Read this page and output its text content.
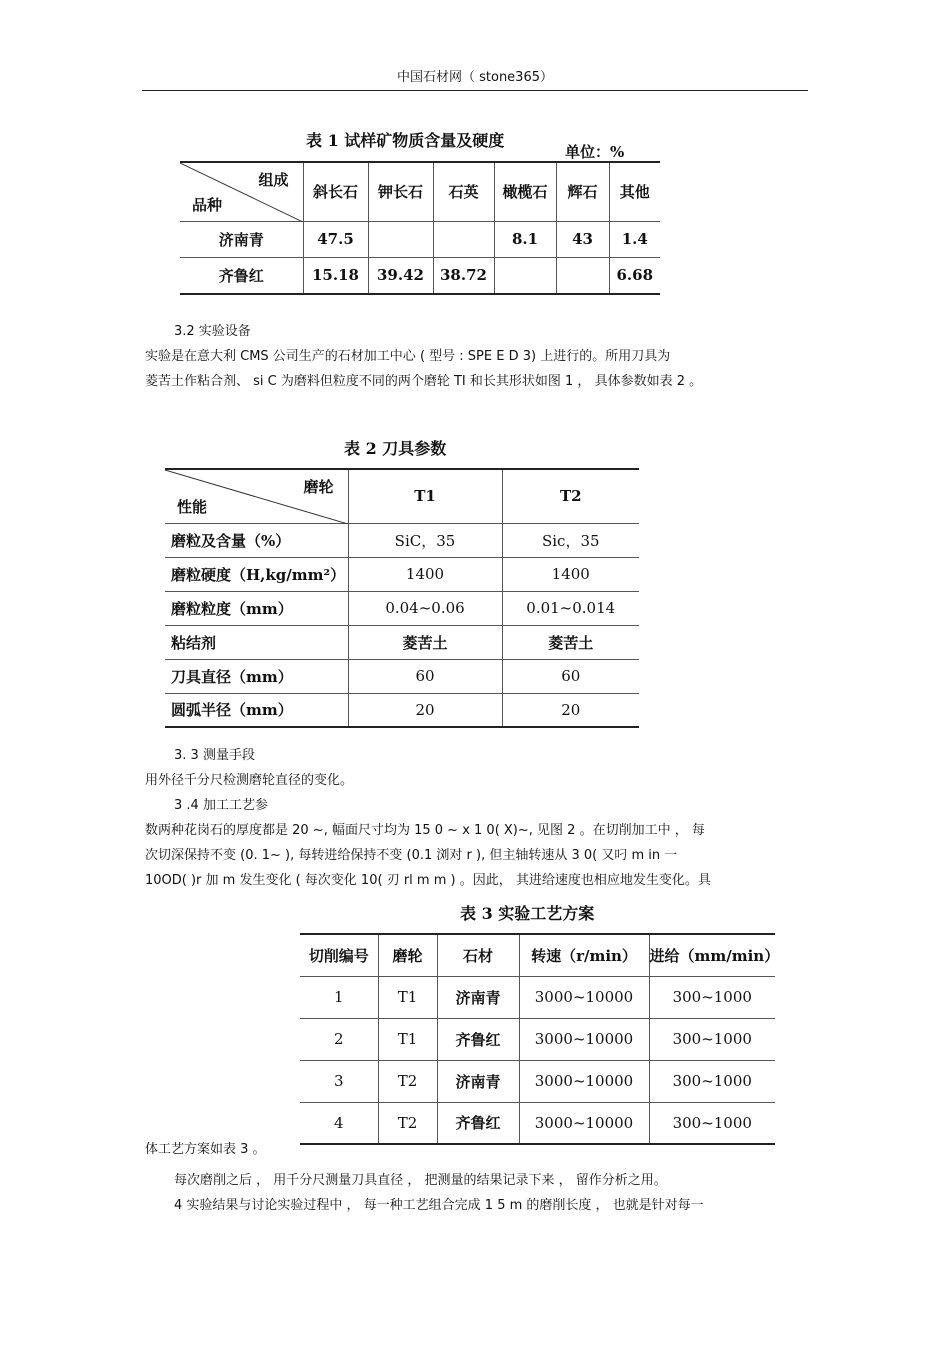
中国石材网（ stone365）
表 1 试样矿物质含量及硬度
单位：%
组成
品种	斜长石	钾长石	石英	橄榄石	辉石	其他
济南青	47.5			8.1	43	1.4
齐鲁红	15.18	39.42	38.72			6.68
3.2 实验设备
实验是在意大利 CMS 公司生产的石材加工中心 ( 型号 : SPE E D 3) 上进行的。所用刀具为
菱苦土作粘合剂、 si C 为磨料但粒度不同的两个磨轮 TI 和长其形状如图 1 ， 具体参数如表 2 。
表 2 刀具参数
磨轮
性能	T1	T2
磨粒及含量（%）	SiC，35	Sic，35
磨粒硬度（H,kg/mm²）	1400	1400
磨粒粒度（mm）	0.04~0.06	0.01~0.014
粘结剂	菱苦土	菱苦土
刀具直径（mm）	60	60
圆弧半径（mm）	20	20
3. 3 测量手段
用外径千分尺检测磨轮直径的变化。
3 .4 加工工艺参
数两种花岗石的厚度都是 20 ~, 幅面尺寸均为 15 0 ~ x 1 0( X)~, 见图 2 。在切削加工中 ， 每
次切深保持不变 (0. 1~ ), 每转进给保持不变 (0.1 浏对 r ), 但主轴转速从 3 0( 又叼 m in 一
10OD( )r 加 m 发生变化 ( 每次变化 10( 刃 rl m m ) 。因此， 其进给速度也相应地发生变化。具
表 3 实验工艺方案
切削编号	磨轮	石材	转速（r/min）	进给（mm/min）
1	T1	济南青	3000~10000	300~1000
2	T1	齐鲁红	3000~10000	300~1000
3	T2	济南青	3000~10000	300~1000
4	T2	齐鲁红	3000~10000	300~1000
体工艺方案如表 3 。
每次磨削之后 ， 用千分尺测量刀具直径 ， 把测量的结果记录下来 ， 留作分析之用。
4 实验结果与讨论实验过程中 ， 每一种工艺组合完成 1 5 m 的磨削长度 ， 也就是针对每一
